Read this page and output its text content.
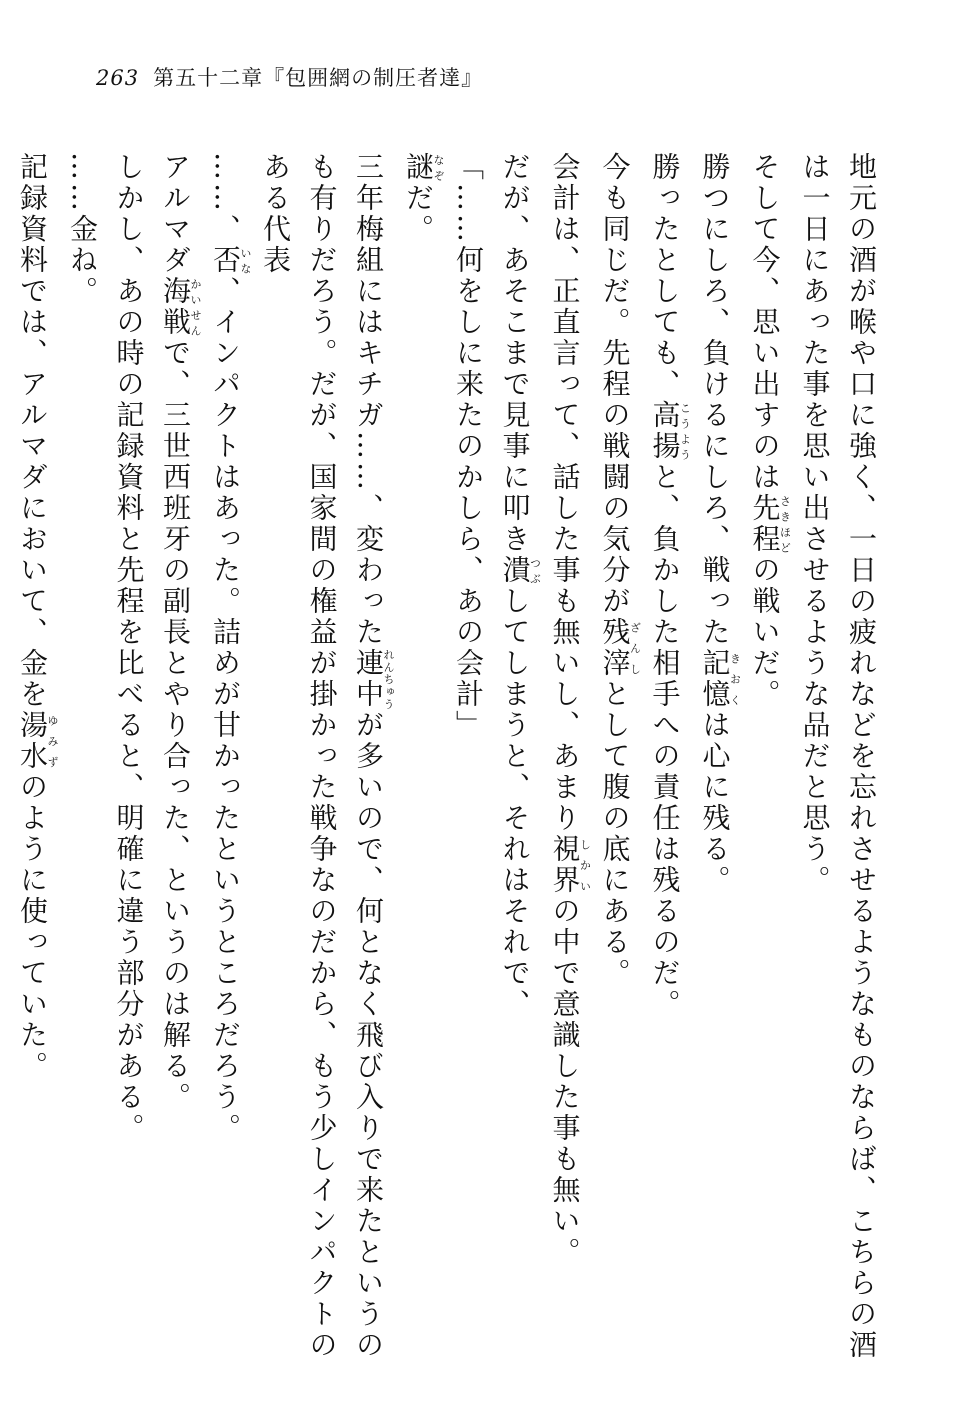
263 第五十二章『包囲網の制圧者達』

地元の酒が喉や口に強く、一日の疲れなどを忘れさせるようなものならば、こちらの酒は一日にあった事を思い出させるような品だと思う。

そして今、思い出すのは先程さきほどの戦いだ。

勝つにしろ、負けるにしろ、戦った記憶きおくは心に残る。

勝ったとしても、高揚こうようと、負かした相手への責任は残るのだ。

今も同じだ。先程の戦闘の気分が残滓ざんしとして腹の底にある。

会計は、正直言って、話した事も無いし、あまり視界しかいの中で意識した事も無い。

だが、あそこまで見事に叩き潰つぶしてしまうと、それはそれで、

「……何をしに来たのかしら、あの会計」

謎なぞだ。

三年梅組にはキチガ……、変わった連中れんちゅうが多いので、何となく飛び入りで来たというのも有りだろう。だが、国家間の権益が掛かった戦争なのだから、もう少しインパクトのある代表

……、否いな、インパクトはあった。詰めが甘かったというところだろう。

アルマダ海戦かいせんで、三世西班牙の副長とやり合った、というのは解る。

しかし、あの時の記録資料と先程を比べると、明確に違う部分がある。

……金ね。

記録資料では、アルマダにおいて、金を湯水ゆみずのように使っていた。
